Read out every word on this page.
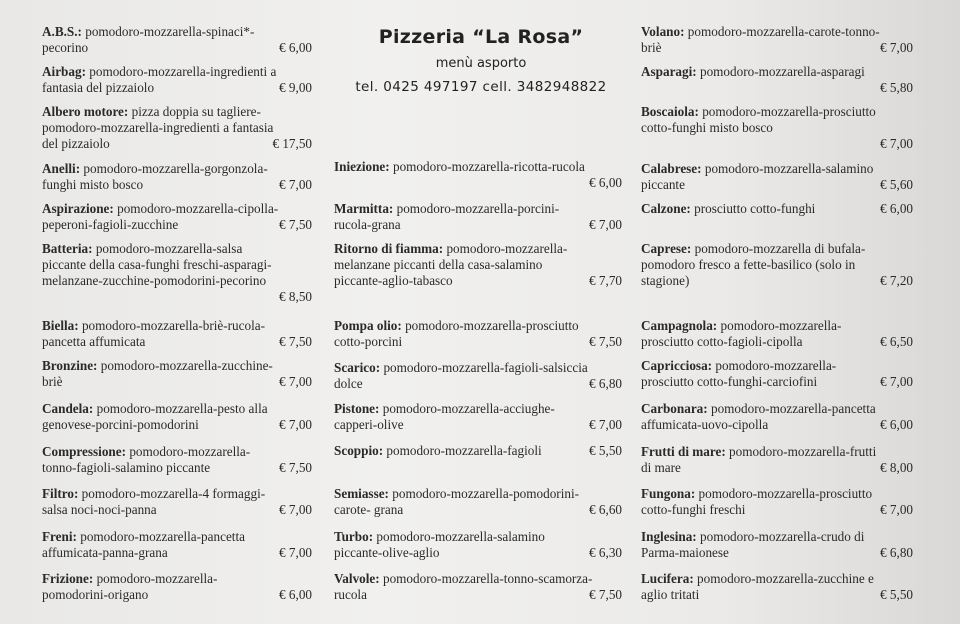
Pizzeria “La Rosa”
menù asporto
tel. 0425 497197 cell. 3482948822
A.B.S.: pomodoro-mozzarella-spinaci*-
pecorino	€ 6,00
Airbag: pomodoro-mozzarella-ingredienti a
fantasia del pizzaiolo	€ 9,00
Albero motore: pizza doppia su tagliere-
pomodoro-mozzarella-ingredienti a fantasia
del pizzaiolo	€ 17,50
Anelli: pomodoro-mozzarella-gorgonzola-
funghi misto bosco	€ 7,00
Aspirazione: pomodoro-mozzarella-cipolla-
peperoni-fagioli-zucchine	€ 7,50
Batteria: pomodoro-mozzarella-salsa
piccante della casa-funghi freschi-asparagi-
melanzane-zucchine-pomodorini-pecorino

€ 8,50
Biella: pomodoro-mozzarella-briè-rucola-
pancetta affumicata	€ 7,50
Bronzine: pomodoro-mozzarella-zucchine-
briè	€ 7,00
Candela: pomodoro-mozzarella-pesto alla
genovese-porcini-pomodorini	€ 7,00
Compressione: pomodoro-mozzarella-
tonno-fagioli-salamino piccante	€ 7,50
Filtro: pomodoro-mozzarella-4 formaggi-
salsa noci-noci-panna	€ 7,00
Freni: pomodoro-mozzarella-pancetta
affumicata-panna-grana	€ 7,00
Frizione: pomodoro-mozzarella-
pomodorini-origano	€ 6,00
Iniezione: pomodoro-mozzarella-ricotta-rucola

€ 6,00
Marmitta: pomodoro-mozzarella-porcini-
rucola-grana	€ 7,00
Ritorno di fiamma: pomodoro-mozzarella-
melanzane piccanti della casa-salamino
piccante-aglio-tabasco	€ 7,70
Pompa olio: pomodoro-mozzarella-prosciutto
cotto-porcini	€ 7,50
Scarico: pomodoro-mozzarella-fagioli-salsiccia
dolce	€ 6,80
Pistone: pomodoro-mozzarella-acciughe-
capperi-olive	€ 7,00
Scoppio: pomodoro-mozzarella-fagioli	€ 5,50
Semiasse: pomodoro-mozzarella-pomodorini-
carote- grana	€ 6,60
Turbo: pomodoro-mozzarella-salamino
piccante-olive-aglio	€ 6,30
Valvole: pomodoro-mozzarella-tonno-scamorza-
rucola	€ 7,50
Volano: pomodoro-mozzarella-carote-tonno-
briè	€ 7,00
Asparagi: pomodoro-mozzarella-asparagi

€ 5,80
Boscaiola: pomodoro-mozzarella-prosciutto
cotto-funghi misto bosco

€ 7,00
Calabrese: pomodoro-mozzarella-salamino
piccante	€ 5,60
Calzone: prosciutto cotto-funghi	€ 6,00
Caprese: pomodoro-mozzarella di bufala-
pomodoro fresco a fette-basilico (solo in
stagione)	€ 7,20
Campagnola: pomodoro-mozzarella-
prosciutto cotto-fagioli-cipolla	€ 6,50
Capricciosa: pomodoro-mozzarella-
prosciutto cotto-funghi-carciofini	€ 7,00
Carbonara: pomodoro-mozzarella-pancetta
affumicata-uovo-cipolla	€ 6,00
Frutti di mare: pomodoro-mozzarella-frutti
di mare	€ 8,00
Fungona: pomodoro-mozzarella-prosciutto
cotto-funghi freschi	€ 7,00
Inglesina: pomodoro-mozzarella-crudo di
Parma-maionese	€ 6,80
Lucifera: pomodoro-mozzarella-zucchine e
aglio tritati	€ 5,50
